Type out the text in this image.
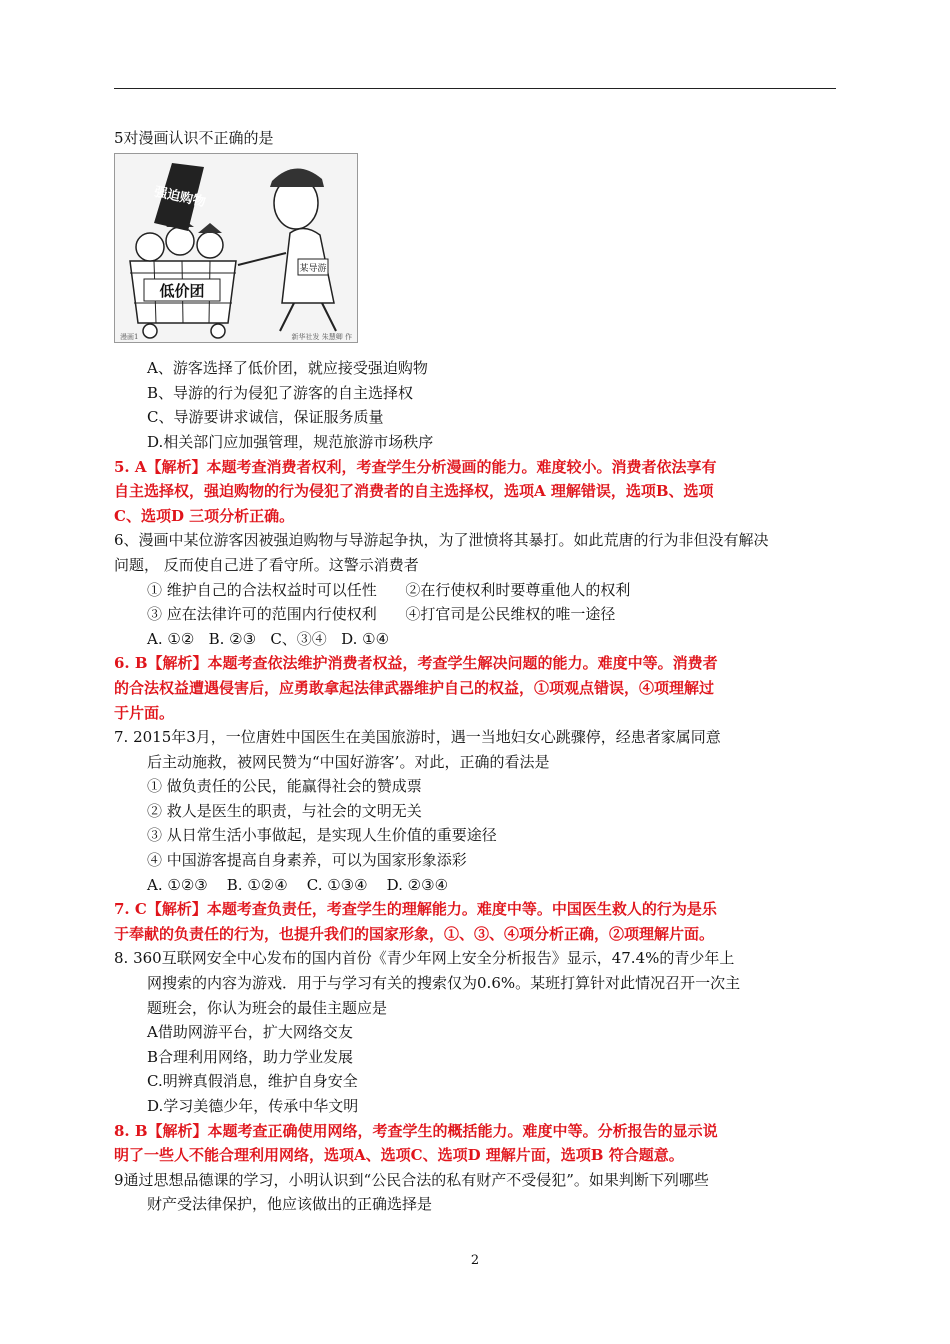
5对漫画认识不正确的是
低价团
强迫购物
某导游
漫画1	新华社发 朱慧卿 作
A、游客选择了低价团，就应接受强迫购物
B、导游的行为侵犯了游客的自主选择权
C、导游要讲求诚信，保证服务质量
D.相关部门应加强管理，规范旅游市场秩序
5. A【解析】本题考查消费者权利，考查学生分析漫画的能力。难度较小。消费者依法享有
自主选择权，强迫购物的行为侵犯了消费者的自主选择权，选项A 理解错误，选项B、选项
C、选项D 三项分析正确。
6、漫画中某位游客因被强迫购物与导游起争执，为了泄愤将其暴打。如此荒唐的行为非但没有解决
问题， 反而使自己进了看守所。这警示消费者
① 维护自己的合法权益时可以任性      ②在行使权利时要尊重他人的权利
③ 应在法律许可的范围内行使权利      ④打官司是公民维权的唯一途径
A. ①②   B. ②③   C、③④   D. ①④
6. B【解析】本题考查依法维护消费者权益，考查学生解决问题的能力。难度中等。消费者
的合法权益遭遇侵害后，应勇敢拿起法律武器维护自己的权益，①项观点错误，④项理解过
于片面。
7. 2015年3月，一位唐姓中国医生在美国旅游时，遇一当地妇女心跳骤停，经患者家属同意
后主动施救，被网民赞为“中国好游客’。对此，正确的看法是
① 做负责任的公民，能赢得社会的赞成票
② 救人是医生的职责，与社会的文明无关
③ 从日常生活小事做起，是实现人生价值的重要途径
④ 中国游客提高自身素养，可以为国家形象添彩
A. ①②③    B. ①②④    C. ①③④    D. ②③④
7. C【解析】本题考查负责任，考查学生的理解能力。难度中等。中国医生救人的行为是乐
于奉献的负责任的行为，也提升我们的国家形象，①、③、④项分析正确，②项理解片面。
8. 360互联网安全中心发布的国内首份《青少年网上安全分析报告》显示，47.4%的青少年上
网搜索的内容为游戏．用于与学习有关的搜索仅为0.6%。某班打算针对此情况召开一次主
题班会，你认为班会的最佳主题应是
A借助网游平台，扩大网络交友
B合理利用网络，助力学业发展
C.明辨真假消息，维护自身安全
D.学习美德少年，传承中华文明
8. B【解析】本题考查正确使用网络，考查学生的概括能力。难度中等。分析报告的显示说
明了一些人不能合理利用网络，选项A、选项C、选项D 理解片面，选项B 符合题意。
9通过思想品德课的学习，小明认识到“公民合法的私有财产不受侵犯”。如果判断下列哪些
财产受法律保护，他应该做出的正确选择是
2
